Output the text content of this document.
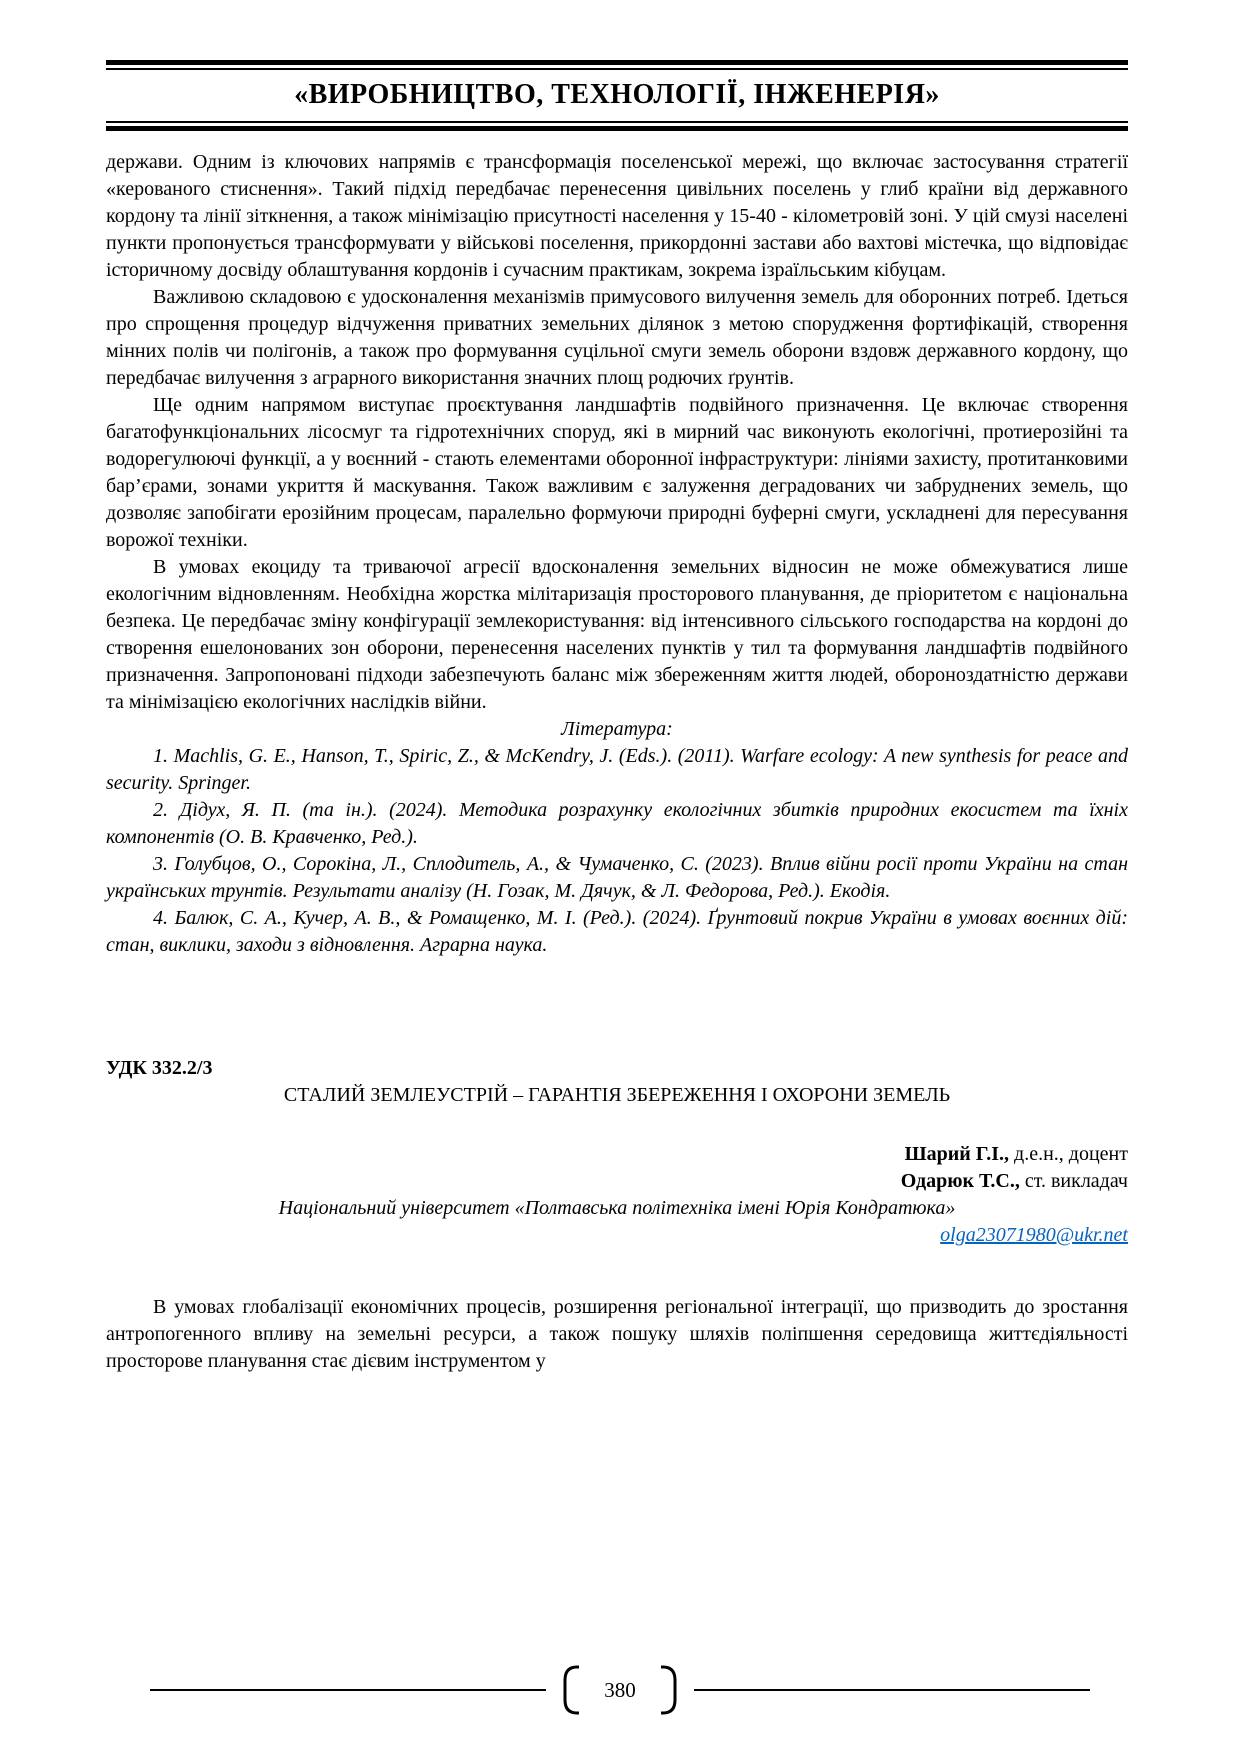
«ВИРОБНИЦТВО, ТЕХНОЛОГІЇ, ІНЖЕНЕРІЯ»

держави. Одним із ключових напрямів є трансформація поселенської мережі, що включає застосування стратегії «керованого стиснення». Такий підхід передбачає перенесення цивільних поселень у глиб країни від державного кордону та лінії зіткнення, а також мінімізацію присутності населення у 15-40 - кілометровій зоні. У цій смузі населені пункти пропонується трансформувати у військові поселення, прикордонні застави або вахтові містечка, що відповідає історичному досвіду облаштування кордонів і сучасним практикам, зокрема ізраїльським кібуцам.

Важливою складовою є удосконалення механізмів примусового вилучення земель для оборонних потреб. Ідеться про спрощення процедур відчуження приватних земельних ділянок з метою спорудження фортифікацій, створення мінних полів чи полігонів, а також про формування суцільної смуги земель оборони вздовж державного кордону, що передбачає вилучення з аграрного використання значних площ родючих ґрунтів.

Ще одним напрямом виступає проєктування ландшафтів подвійного призначення. Це включає створення багатофункціональних лісосмуг та гідротехнічних споруд, які в мирний час виконують екологічні, протиерозійні та водорегулюючі функції, а у воєнний - стають елементами оборонної інфраструктури: лініями захисту, протитанковими бар’єрами, зонами укриття й маскування. Також важливим є залуження деградованих чи забруднених земель, що дозволяє запобігати ерозійним процесам, паралельно формуючи природні буферні смуги, ускладнені для пересування ворожої техніки.

В умовах екоциду та триваючої агресії вдосконалення земельних відносин не може обмежуватися лише екологічним відновленням. Необхідна жорстка мілітаризація просторового планування, де пріоритетом є національна безпека. Це передбачає зміну конфігурації землекористування: від інтенсивного сільського господарства на кордоні до створення ешелонованих зон оборони, перенесення населених пунктів у тил та формування ландшафтів подвійного призначення. Запропоновані підходи забезпечують баланс між збереженням життя людей, обороноздатністю держави та мінімізацією екологічних наслідків війни.

Література:

1. Machlis, G. E., Hanson, T., Spiric, Z., & McKendry, J. (Eds.). (2011). Warfare ecology: A new synthesis for peace and security. Springer.

2. Дідух, Я. П. (та ін.). (2024). Методика розрахунку екологічних збитків природних екосистем та їхніх компонентів (О. В. Кравченко, Ред.).

3. Голубцов, О., Сорокіна, Л., Сплодитель, А., & Чумаченко, С. (2023). Вплив війни росії проти України на стан українських трунтів. Результати аналізу (Н. Гозак, М. Дячук, & Л. Федорова, Ред.). Екодія.

4. Балюк, С. А., Кучер, А. В., & Ромащенко, М. І. (Ред.). (2024). Ґрунтовий покрив України в умовах воєнних дій: стан, виклики, заходи з відновлення. Аграрна наука.

УДК 332.2/3

СТАЛИЙ ЗЕМЛЕУСТРІЙ – ГАРАНТІЯ ЗБЕРЕЖЕННЯ І ОХОРОНИ ЗЕМЕЛЬ

Шарий Г.І., д.е.н., доцент

Одарюк Т.С., ст. викладач

Національний університет «Полтавська політехніка імені Юрія Кондратюка»

olga23071980@ukr.net

В умовах глобалізації економічних процесів, розширення регіональної інтеграції, що призводить до зростання антропогенного впливу на земельні ресурси, а також пошуку шляхів поліпшення середовища життєдіяльності просторове планування стає дієвим інструментом у

380
